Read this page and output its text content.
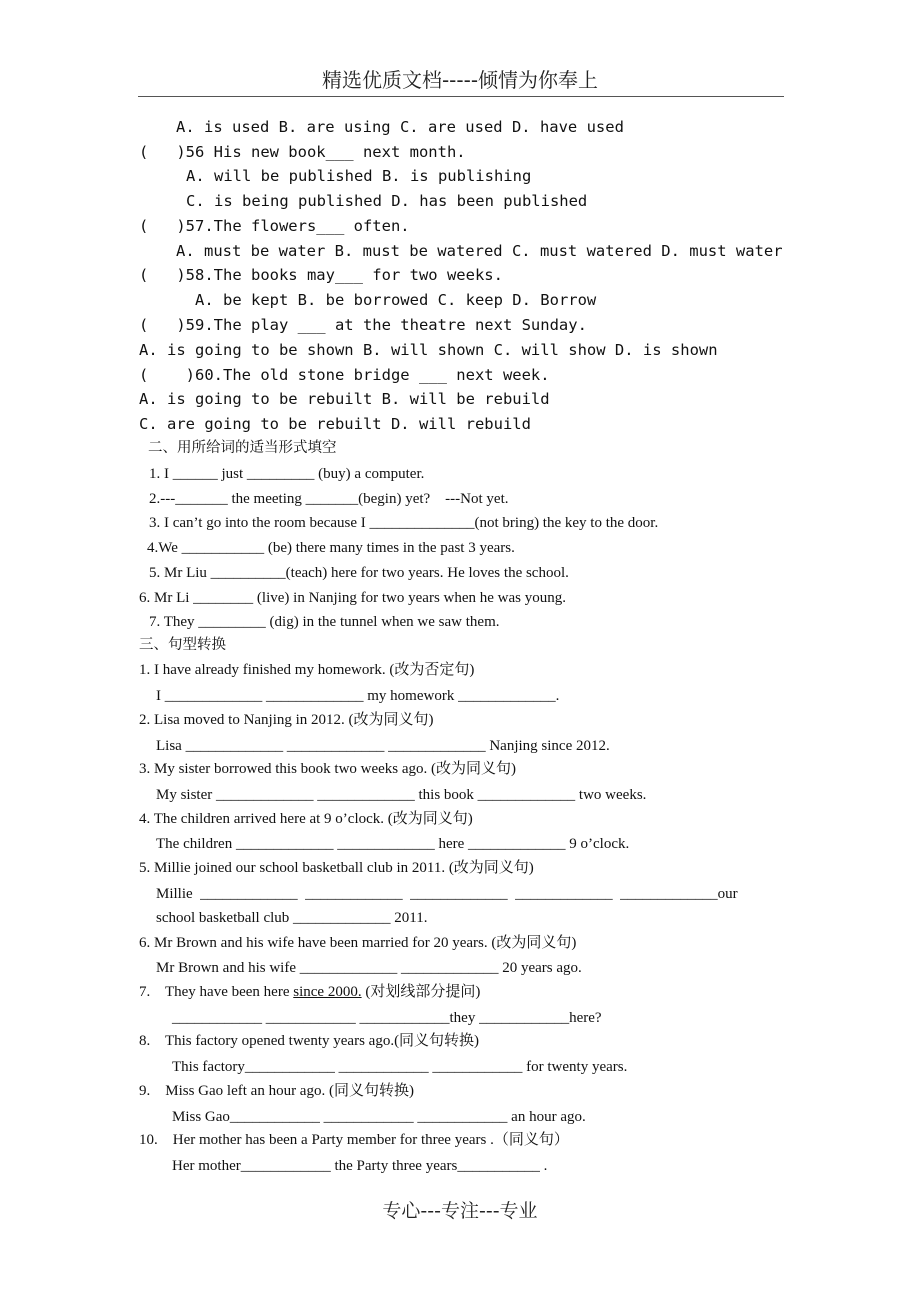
精选优质文档-----倾情为你奉上
A. is used B. are using C. are used D. have used
(   )56 His new book___ next month.
A. will be published B. is publishing
C. is being published D. has been published
(   )57.The flowers___ often.
A. must be water B. must be watered C. must watered D. must water
(   )58.The books may___ for two weeks.
A. be kept B. be borrowed C. keep D. Borrow
(   )59.The play ___ at the theatre next Sunday.
A. is going to be shown B. will shown C. will show D. is shown
(    )60.The old stone bridge ___ next week.
A. is going to be rebuilt B. will be rebuild
C. are going to be rebuilt D. will rebuild
二、用所给词的适当形式填空
1. I ______ just _________ (buy) a computer.
2.---_______ the meeting _______(begin) yet?    ---Not yet.
3. I can’t go into the room because I ______________(not bring) the key to the door.
4.We ___________ (be) there many times in the past 3 years.
5. Mr Liu __________(teach) here for two years. He loves the school.
6. Mr Li ________ (live) in Nanjing for two years when he was young.
7. They _________ (dig) in the tunnel when we saw them.
三、句型转换
1. I have already finished my homework. (改为否定句)
I _____________ _____________ my homework _____________.
2. Lisa moved to Nanjing in 2012. (改为同义句)
Lisa _____________ _____________ _____________ Nanjing since 2012.
3. My sister borrowed this book two weeks ago. (改为同义句)
My sister _____________ _____________ this book _____________ two weeks.
4. The children arrived here at 9 o’clock. (改为同义句)
The children _____________ _____________ here _____________ 9 o’clock.
5. Millie joined our school basketball club in 2011. (改为同义句)
Millie  _____________  _____________  _____________  _____________  _____________our
school basketball club _____________ 2011.
6. Mr Brown and his wife have been married for 20 years. (改为同义句)
Mr Brown and his wife _____________ _____________ 20 years ago.
7.    They have been here since 2000. (对划线部分提问)
____________ ____________ ____________they ____________here?
8.    This factory opened twenty years ago.(同义句转换)
This factory____________ ____________ ____________ for twenty years.
9.    Miss Gao left an hour ago. (同义句转换)
Miss Gao____________ ____________ ____________ an hour ago.
10.    Her mother has been a Party member for three years .（同义句）
Her mother____________ the Party three years___________ .
专心---专注---专业
